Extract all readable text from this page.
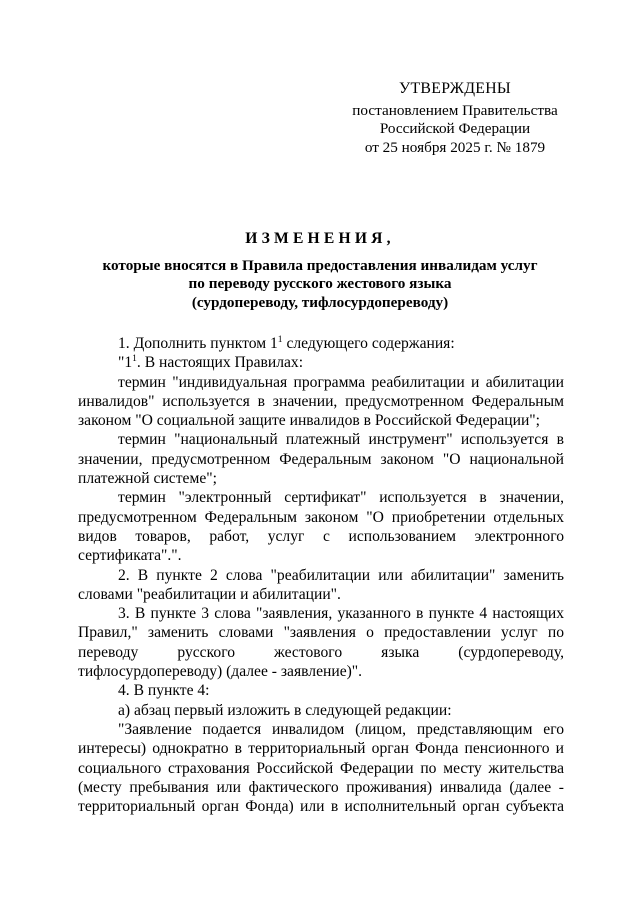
УТВЕРЖДЕНЫ
постановлением Правительства
Российской Федерации
от 25 ноября 2025 г. № 1879
ИЗМЕНЕНИЯ,
которые вносятся в Правила предоставления инвалидам услуг
по переводу русского жестового языка
(сурдопереводу, тифлосурдопереводу)

1. Дополнить пунктом $1^1$ следующего содержания:

"$1^1$. В настоящих Правилах:

термин "индивидуальная программа реабилитации и абилитации инвалидов" используется в значении, предусмотренном Федеральным законом "О социальной защите инвалидов в Российской Федерации";

термин "национальный платежный инструмент" используется в значении, предусмотренном Федеральным законом "О национальной платежной системе";

термин "электронный сертификат" используется в значении, предусмотренном Федеральным законом "О приобретении отдельных видов товаров, работ, услуг с использованием электронного сертификата".".

2. В пункте 2 слова "реабилитации или абилитации" заменить словами "реабилитации и абилитации".

3. В пункте 3 слова "заявления, указанного в пункте 4 настоящих Правил," заменить словами "заявления о предоставлении услуг по переводу русского жестового языка (сурдопереводу, тифлосурдопереводу) (далее - заявление)".

4. В пункте 4:

а) абзац первый изложить в следующей редакции:

"Заявление подается инвалидом (лицом, представляющим его интересы) однократно в территориальный орган Фонда пенсионного и социального страхования Российской Федерации по месту жительства (месту пребывания или фактического проживания) инвалида (далее - территориальный орган Фонда) или в исполнительный орган субъекта
